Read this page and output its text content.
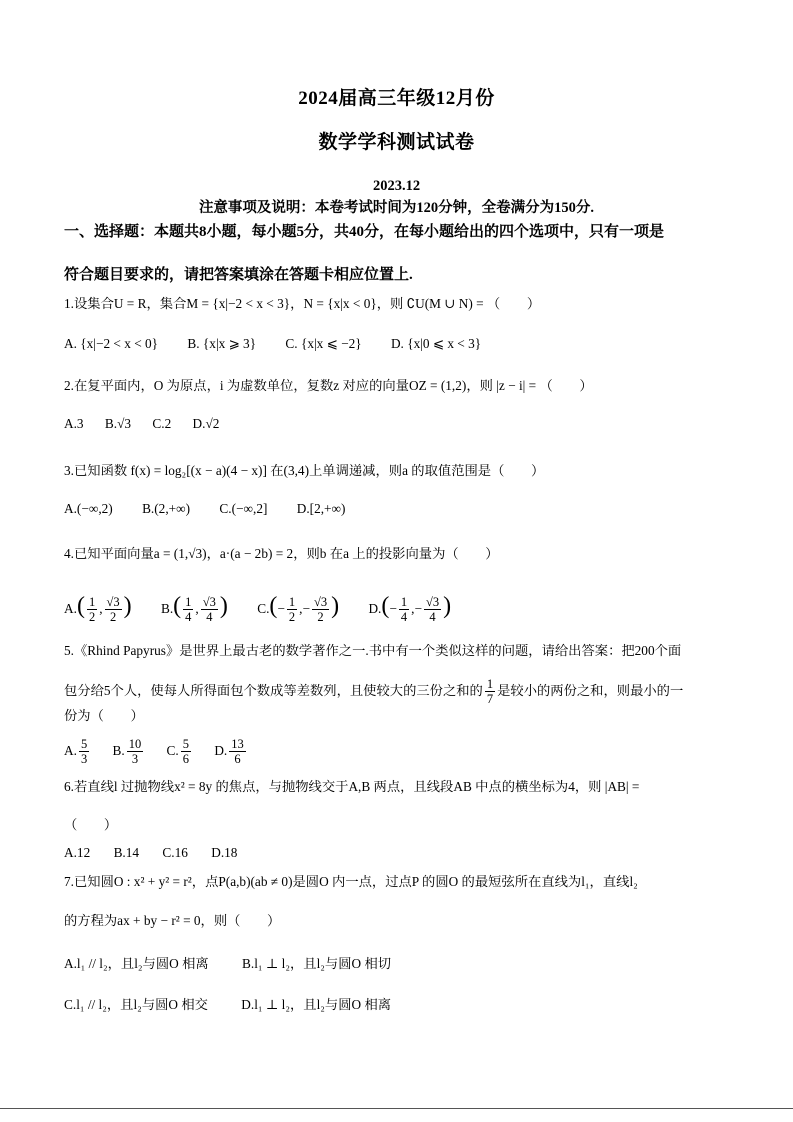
2024届高三年级12月份
数学学科测试试卷
2023.12
注意事项及说明：本卷考试时间为120分钟，全卷满分为150分.
一、选择题：本题共8小题，每小题5分，共40分，在每小题给出的四个选项中，只有一项是
符合题目要求的，请把答案填涂在答题卡相应位置上.
1.设集合U = R，集合M = {x|−2 < x < 3}，N = {x|x < 0}，则 ∁U(M ∪ N) = （　　）
A. {x|−2 < x < 0} B. {x|x ⩾ 3} C. {x|x ⩽ −2} D. {x|0 ⩽ x < 3}
2.在复平面内，O 为原点，i 为虚数单位，复数z 对应的向量OZ = (1,2)，则 |z − i| = （　　）
A.3 B.√3 C.2 D.√2
3.已知函数 f(x) = log₂[(x − a)(4 − x)] 在(3,4)上单调递减，则a 的取值范围是（　　）
A.(−∞,2) B.(2,+∞) C.(−∞,2] D.[2,+∞)
4.已知平面向量a = (1,√3)，a·(a − 2b) = 2，则b 在a 上的投影向量为（　　）
$A.( \frac{1}{2}$ , $\frac{√3}{2}$ ) $B.( \frac{1}{4}$ , $\frac{√3}{4}$ ) $C.(- \frac{1}{2}$ ,− $\frac{√3}{2}$ ) $D.(- \frac{1}{4}$ ,− $\frac{√3}{4}$ )
5.《Rhind Papyrus》是世界上最古老的数学著作之一.书中有一个类似这样的问题，请给出答案：把200个面
包分给5个人，使每人所得面包个数成等差数列，且使较大的三份之和的 $\frac{1}{7}$ 是较小的两份之和，则最小的一
份为（　　）
A. $\frac{5}{3} B$. $\frac{10}{3} C$. $\frac{5}{6} D$. $\frac{13}{6}$
6.若直线l 过抛物线x² = 8y 的焦点，与抛物线交于A,B 两点，且线段AB 中点的横坐标为4，则 |AB| =
（　　）
A.12 B.14 C.16 D.18
7.已知圆O : x² + y² = r²，点P(a,b)(ab ≠ 0)是圆O 内一点，过点P 的圆O 的最短弦所在直线为l₁，直线l₂
的方程为ax + by − r² = 0，则（　　）
A.l₁ // l₂，且l₂与圆O 相离	B.l₁ ⊥ l₂，且l₂与圆O 相切
C.l₁ // l₂，且l₂与圆O 相交	D.l₁ ⊥ l₂，且l₂与圆O 相离
